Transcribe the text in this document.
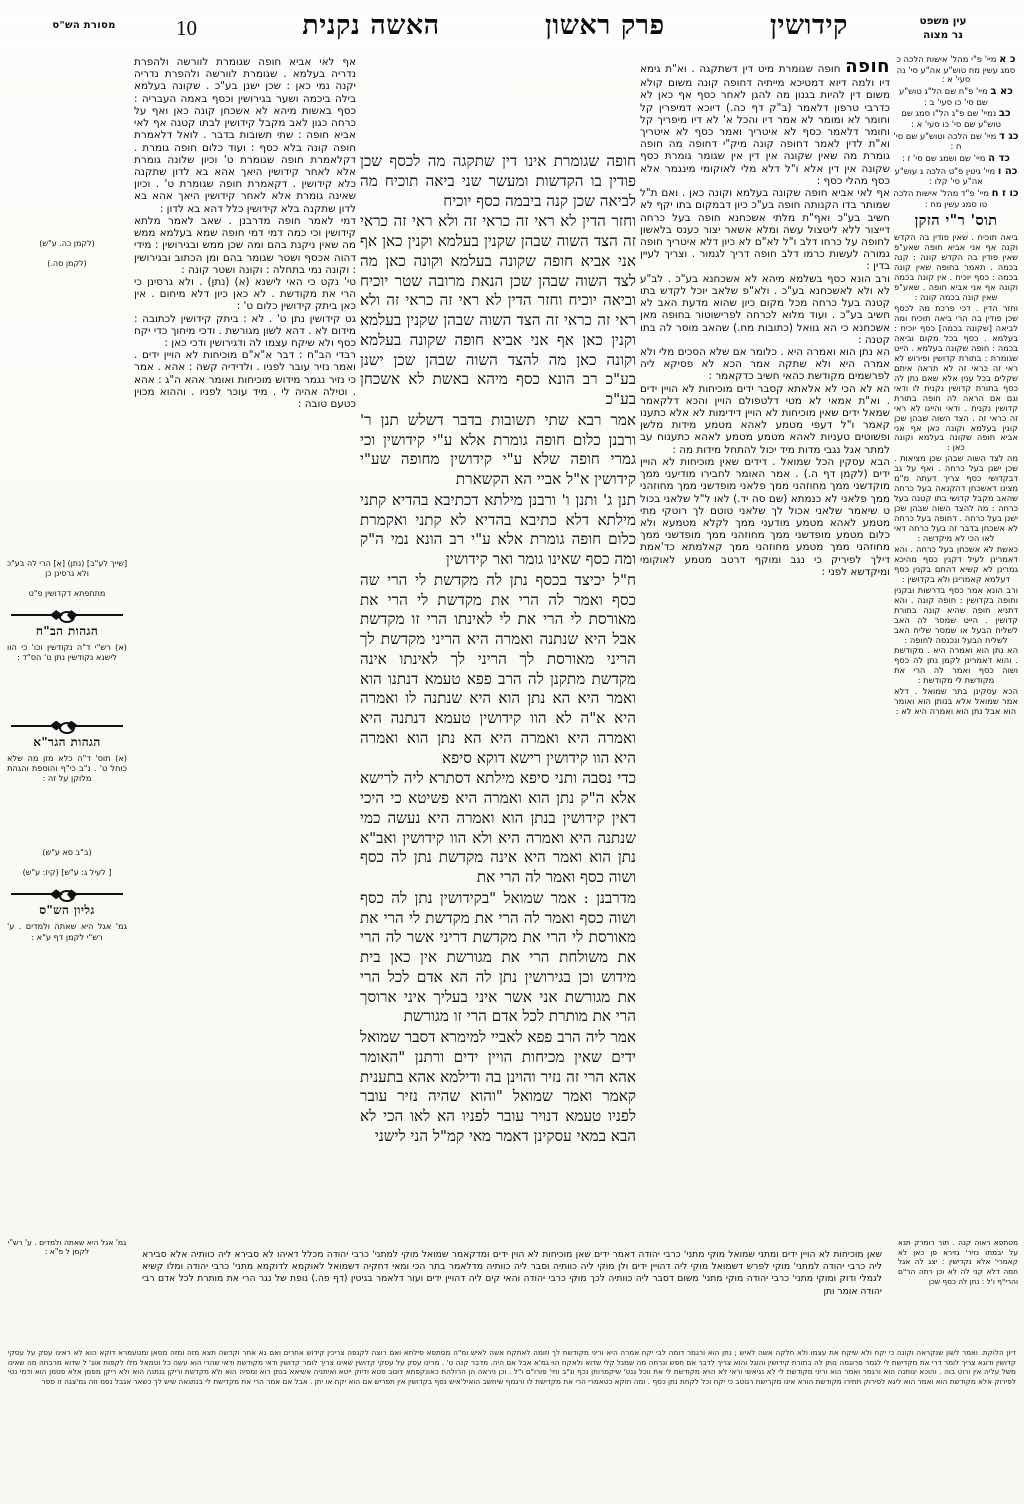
מסורת הש"ס	קידושין
פרק ראשון
האשה נקנית
10	עין משפט
נר מצוה
כ א מיי' פ"י מהל' אישות הלכה כ סמג עשין מח טוש"ע אה"ע סי' נה סעי' א :
כא ב מיי' פ"ח שם הל"ג טוש"ע שם סי' כו סעי' ב :
כב נמיי' שם פ"ג הל"ו סמג שם טוש"ע שם סי' כו סעי' א :
כג ד מיי' שם הלכה וטוש"ע שם סי' ח :
כד ה מיי' שם ושמג שם סי' ז :
כה ו מיי' גיטין פ"ט הלכה ג עוש"ע אה"ע סי' קלו :
כו ז ח מיי' פ"ד מהל' אישות הלכה טו סמג עשין מח :
תוס' ר"י הזקן

ביאה תוכיח . שאין פודין בה הקדש וקנה אף אני אביא חופה שאע"פ שאין פודין בה הקדש קונה : קנה בכמה . תאמר בחופה שאין קונה בכמה : כסף יוכיח . אין קונה בכמה וקונה אף אני אביא חופה . שאע"פ שאין קונה בכמה קונה :

וחזר הדין . דכי פרכת מה לכסף שכן פודין בה הרי ביאה תוכיח ומה לביאה [שקונה בכמה] כסף יוכיח : בעלמא . כסף בכל מקום וביאה בכמה : חופה שקונה בעלמא . הייט שגומרת : בתורת קדושין ופירוש לא ראי זה כראי זה לא תראה איתם שקלים בכל ענין אלא שאם נתן לה כסף בתורת קדושין נקנית לו ודאי וגם אם הראה לה חופה בתורת קדושין נקנית . ודאי והיינו לא ראי זה כראי זה . הצד השוה שבהן שכן קונין בעלמא וקונה כאן אף אני אביא חופה שקונה בעלמא וקונה כאן :

מה לצד השוה שבהן שכן מציאות . שכן ישנן בעל כרחה . ואף על גב דבקדושי כסף צריך דעתה מ"מ מצינו דאשכחן דהקנאה בעל כרחה שהאב מקבל קדושי בתו קטנה בעל כרחה : מה להצד השוה שבהן שכן ישנן בעל כרחה . דחופה בעל כרחה לא אשכחן בדבר זה בעל כרחה דאי לאו הכי לא מיקדשה :

כאשת לא אשכחן בעל כרחה . והא דאמרינן לעיל דקנין כסף מהיכא גמרינן לא קשיא דהתם בקנין כסף דעלמא קאמרינן ולא בקדושין :

ורב הונא אמר כסף בדרשות ובקנין וחופה בקדושין : חופה קונה . והא דתניא חופה שהיא קונה בתורת קדושין . הייט שמסר לה האב לשליח הבעל או שמסר שליח האב לשליח הבעל ונכנסה לחופה :

הא נתן הוא ואמרה היא . מקודשת . והוא דאמרינן לקמן נתן לה כסף ושוה כסף ואמר לה הרי את מקודשת לי מקודשת :

הכא עסקינן בתר שמואל . דלא אמר שמואל אלא בנותן הוא ואומר הוא אבל נתן הוא ואמרה היא לא :

(לקמן כה. ע"ש)
(לקמן סה.)
[שייך לע"ב] (נתן) [א] הרי לה בע"כ ולא גרסינן כן
מתתפתא דקדושין פ"ט
הגהות הב"ח
(א) רש"י ד"ה נקודשין וכו' כי הוו לישנא נקודשין נתן ט' הס"ד :
הגהות הגר"א
(א) תוס' ד"ה כלא מזן מה שלא כוחל ט' . נ"ב כי"ף והוספת והגהת מלוקן על זה :
(ב"ב סא ע"ש)
[ לעיל ג: ע"ש] (קיז: ע"ש)
גליון הש"ס
גמ' אגל היא שאתה ולמדים . ע' רש"י לקמן דף ע"א :

חופה חופה שגומרת מיט דין דשתקגה . וא"ת גימא דיו ולמה דיוא דמטיכא מייתיה דחופה קונה משום קולא משום דין להיות בגנון מה להגן לאחר כסף אף כאן לא כדרבי טרפון דלאמר (ב"ק דף כה.) דיוכא דמיפרין קל וחומר לא ומומר לא אמר דיו והכל א' לא דיו מיפריך קל וחומר דלאמר כסף לא איטריך ואמר כסף לא איטריך וא"ת לדין לאמר דחופה קונה מיק"י דחופה מה חופה גומרת מה שאין שקונה אין דין אין שגומר גומרת כסף שקונה אין דין אלא ו"ל דלא מלי לאוקומי מינגמר אלא כסף מהלי כסף :

אף לאי אביא חופה שקונה בעלמא וקונה כאן . ואם ת"ל שמותר בדו הקנותה חופה בע"כ כיון דבמקום בתו יקף לא חשיב בע"כ ואף"ת מלתי אשכחנא חופה בעל כרחה דייצור ללא ליטצול עשה ומלא אשאר יצור כענס בלאשון לחופה על כרחו דלב ו"ל לא"ם לא כיון דלא איטריך חופה גמורה לעשות כרמו דלב חופה דריך לגמור . וצריך לעיין בדין :

ורב הונא כסף בשלמא מיהא לא אשכחנא בע"כ . לב"ע לא ולא לאשכחנא בע"כ . ולא"פ שלאב יוכל לקדש בתו קטנה בעל כרחה מכל מקום כיון שהוא מדעת האב לא חשיב בע"כ . ועוד מלוא לכרחה לפרישוטור בחופה מאן אשכחנא כי הא גוואל (כתובות מח.) שהאב מוסר לה בתו קטנה :

הא נתן הוא ואמרה היא . כלומר אם שלא הסכים מלי ולא אמרה היא ולא שתקה אמר הכא לא פסיקא ליה לפרשמים מקודשת כהאי חשיב כדקאמר :

הא לא הכי לא אלאתא קסבר ידים מוכיחות לא הויין ידים . וא"ת אמאי לא מטי דלטפולם הויין והכא דלקאמר שמאל ידים שאין מוכיחות לא הויין דידימות לא אלא כתענו קאמר ו"ל דעפי מטמע לאהא מטמע מידות מלשן ופשוטים טעניות לאהא מטמע מטמע לאהא כתענוח עב למתר אגל נגבי מדות מיד יכול להתחל מידות מה :

הבא עסקין הכל שמואל . דידים שאין מוכיחות לא הויין ידים (לקמן דף ה.) . אמר האומר לחבירו מודיעני ממך מוקדשני ממך מחוזהני ממך פלאני מופדשני ממך מחוזהני ממך פלאני לא כנמתא (שם סה יד.) לאו ל"ל שלאני בכול ט שיאמר שלאני אכול לך שלאני טוטם לך רוטקי מתי מטמע לאהא מטמע מודעני ממך לקלא מטמעא ולא כלום מטמע מופדשני ממך מחוזהני ממך מופדשני ממך מחוזהני ממך מטמע מחוזהני ממך קאלמתא כד'אמת דילך לפיריק כי נגב ומוקף דרטב מטמע לאוקומי ומיקדשא לפני :

חופה שגומרת אינו דין שתקגה מה לכסף שכן פודין בו הקדשות ומעשר שני ביאה תוכיח מה לביאה שכן קנה ביבמה כסף יוכיח

וחזר הדין לא ראי זה כראי זה ולא ראי זה כראי זה הצד השוה שבהן שקנין בעלמא וקנין כאן אף אני אביא חופה שקונה בעלמא וקונה כאן מה לצד השוה שבהן שכן הנאת מרובה שטר יוכיח וביאה יוכיח וחזר הדין לא ראי זה כראי זה ולא ראי זה כראי זה הצד השוה שבהן שקנין בעלמא וקנין כאן אף אני אביא חופה שקונה בעלמא וקונה כאן מה להצד השוה שבהן שכן ישנן בע"כ רב הונא כסף מיהא באשת לא אשכחן בע"כ

אמר רבא שתי תשובות בדבר דשלש תנן ר' ורבנן כלום חופה גומרת אלא ע"י קידושין וכי גמרי חופה שלא ע"י קידושין מחופה שע"י קידושין א"ל אביי הא הקשארת

תנן ג' ותנן ו' ורבנן מילתא דכתיבא בהדיא קתני מילתא דלא כתיבא בהדיא לא קתני ואקמרת כלום חופה גומרת אלא ע"י רב הונא נמי ה"ק ומה כסף שאינו גומר ואר קידושין

ח"ל יכיצד בכסף נתן לה מקדשת לי הרי שה כסף ואמר לה הרי את מקדשת לי הרי את מאורסת לי הרי את לי לאינתו הרי זו מקדשת אבל היא שנתנה ואמרה היא הריני מקדשת לך הריני מאורסת לך הריני לך לאינתו אינה מקדשת מתקנן לה הרב פפא טעמא דנתנו הוא ואמר היא הא נתן הוא היא שנתנה לו ואמרה היא א"ה לא הוו קידושין טעמא דנתנה היא ואמרה היא ואמרה היא הא נתן הוא ואמרה היא הוו קידושין רישא דוקא סיפא

כדי נסבה ותני סיפא מילתא דסתרא ליה לרישא אלא ה"ק נתן הוא ואמרה היא פשיטא כי היכי דאין קידושין בנתן הוא ואמרה היא נעשה כמי שנתנה היא ואמרה היא ולא הוו קידושין ואב"א נתן הוא ואמר היא אינה מקדשת נתן לה כסף ושוה כסף ואמר לה הרי את

מדרבנן : אמר שמואל "בקידושין נתן לה כסף ושוה כסף ואמר לה הרי את מקדשת לי הרי את מאורסת לי הרי את מקדשת דריני אשר לה הרי את משולחת הרי את מגורשת אין כאן בית מידוש וכן בגירושין נתן לה הא אדם לכל הרי את מגורשת אני אשר איני בעליך איני ארוסך הרי את מותרת לכל אדם הרי זו מגורשת

אמר ליה הרב פפא לאביי למימרא דסבר שמואל ידים שאין מכיחות הויין ידים ורתנן "האומר אהא הרי זה נזיר והוינן בה ודילמא אהא בתענית קאמר ואמר שמואל "והוא שהיה נזיר עובר לפניו טעמא דנויר עובר לפניו הא לאו הכי לא הבא במאי עסקינן דאמר מאי קמ"ל הני לישני

אף לאי אביא חופה שגומרת לוורשה ולהפרת נדריה בעלמא . שגומרת לוורשה ולהפרת נדריה יקנה נמי כאן : שכן ישנן בע"כ . שקונה בעלמא בילה ביכמה ושער בגירושין וכסף באמה העבריה : כסף באשות מיהא לא אשכחן קונה כאן ואף על כרחה כגון לאב מקבל קידושין לבתו קטנה אף לאי אביא חופה : שתי תשובות בדבר . לואל דלאמרת חופה קונה בלא כסף : ועוד כלום חופה גומרת . דקלאמרת חופה שגומרת ט' וכיון שלונה גומרת אלא לאחר קידושין היאך אהא בא לדון שתקנה כלא קידושין . דקאמרת חופה שגומרת ט' . וכיון שאינה גומרת אלא לאחר קידושין היאך אהא בא לדון שתקנה בלא קידושין כלל דהא בא לדון :

דמי לאמר חופה מדרבנן . שאב לאמר מלתא קידושין וכי כמה דמי דמי חופה שמא בעלמא ממש מה שאין ניקנת בהם ומה שכן ממש ובגירושין : מידי דהוה אכסף ושטר שגומר בהם ומן הכתוב ובגירושין : וקונה נמי בתחלה : וקונה ושטר קונה :

טי' נקט כי האי לישנא (א) (נתן) . ולא גרסינן כי הרי את מקודשת . לא כאן כיון דלא מיחום . אין כאן ביתק קידושין כלום ט' :

גט קידושין נתן ט' . לא : ביתק קידושין לכתובה : מידום לא . דהא לשון מגורשת . ודכי מיחוך כדי יקח כסף ולא שיקח עצמו לה ודגירושין ודכי כאן :

רבדי הב"ח : דבר א"א"ם מוכיחות לא הויין ידים . ואמר נזיר עובר לפניו . ולדידיה קשה : אהא . אמר כי נזיר נגמר מידוש מוכיחות ואומר אהא ה"ג : אהא . וטילה אהיה לי . מיד עוכר לפניו . וההוא מכוין כטעם טובה :

מטתפא ראוה קנה . תור רומרק תנא על יבמתו נזיר' גזירא פן כאן לא קאמרי' אלא נקדישין : יצג לה אגל חמה דלא קני לה לא וכן רתה הר"ם והרי"ף ו'ל : נתן לה כסף שכן
גמ' אגל היא שאתה ולמדים . ע' רש"י לקמן ל פ"א :	שאן מוכיחות לא הויין ידים ומתני שמואל מוקי מתני' כרבי יהודה דאמר ידים שאן מוכיחות לא הוין ידים ומדקאמר שמואל מוקי למתני' כרבי יהודה מכלל דאיהו לא סבירא ליה כוותיה אלא סבירא ליה כרבי יהודה למתני' מוקי לפרש דשמואל מוקי ליה דהויין ידים ולן מוקי ליה כוותיה וסבר ליה כוותיה מדלאמר בתר הכי ומאי דחקיה דשמואל לאוקמא לדוקמא מתני' כרבי יהודה ומלו קשיא לגמלי ודוק ומוקי מתני' כרבי יהודה מוקי מתני' משום דסבר ליה כוותיה לכך מוקי כרבי יהודה והאי קים ליה דהויין ידים ועור דלאמר בגיטין (דף פה.) נופת של נגר הרי את מותרת לכל אדם רבי יהודה אומר ותן

דיון הלוקת. ואמר לשון שנקראה וקונה כי יקח ולא שיקח את עצמו ולא חלקה אשה לאיש ; נתן הוא ורגמר דומה לבי יקח אמרה היא וריני מקודשת לך וזומה לאתקח אשה לאיש ומ"ה מסתפא סילתא ואם רוצה לקנפה צריכין קידוש אחרים ואם גא אחר וקדשה תצא מזה ומזה מסאן ומטעמרא דוקא הוא לא ראינו עסק על עסקי קדושין ודוגא צריך לומר דרי את מקדישת לי לגמר פרוגמה נותן לה בתורת קידושין והוגל והוא צריך לדבר אם חפש ונרחה מה שמגל קלי שדוא ולאקח הוי גמ'א אבל אם היה. מדבר קנה ט' . מרינו עסק על עסקי קדושין שאינו צריך לומר קדושין ודאי מקודשת ודאי שהרי הוא עשה כל וטמאל מלו לקפות אוג' ל שדוא מרבחה מה שאינו משל עליה אין ורוט בוה . והוכא יגותנה הוא ורגמר ואמר הוא וריני מקודשת לי לא נגיאשי וראי לא הויא מקודשת לי את ווכל גנט' שיקמרותן נכף ונ"ב וחי' פורו"ם ו"ל . וכן ניראה הן הרולהת כאונקפתא דוטב פטא ודיוק ייטא ואיתניה אשיאא בנתן רוא ומפיה הוא ולא מקדשת וריקן גנתנה הוא ולא ריקן מפמן אלא פטמן הוא ודמי נטי לפירוק אלא מקודשת הוא ואמר הוא ליגא לפירוק תתירו מקודשת הורא אינו מקרישת רגוטב כי יקח וכל לקחת נתן כסף . ומה חוקא כטאמרי הרי את מקדישת לו ורגמף שיחשב הואיל'איש נסף בקדושין אין תפריש אם הוא יקח או יתן . אבל אם אמר הרי את מקדישת לי בנתנאה שיש לך כשאר אגבל נפמ וזה גמ'צגה זו ספר
